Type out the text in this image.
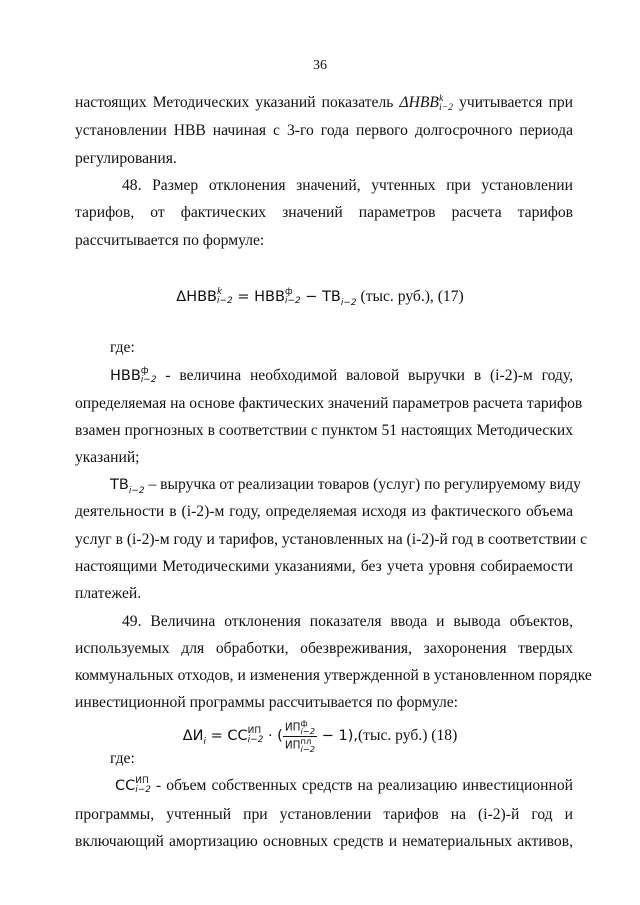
36
настоящих Методических указаний показатель ΔHBB k
i−2 учитывается при
установлении НВВ начиная с 3-го года первого долгосрочного периода
регулирования.
48. Размер отклонения значений, учтенных при установлении
тарифов, от фактических значений параметров расчета тарифов
рассчитывается по формуле:
ΔHBB k
i−2 = HBB ф
$i-2 - TB_{i-2}$ (тыс. руб.), (17)
где:
HBB ф
i−2 - величина необходимой валовой выручки в (i-2)-м году,
определяемая на основе фактических значений параметров расчета тарифов
взамен прогнозных в соответствии с пунктом 51 настоящих Методических
указаний;
$TB_{i-2}$ – выручка от реализации товаров (услуг) по регулируемому виду
деятельности в (i-2)-м году, определяемая исходя из фактического объема
услуг в (i-2)-м году и тарифов, установленных на (i-2)-й год в соответствии с
настоящими Методическими указаниями, без учета уровня собираемости
платежей.
49. Величина отклонения показателя ввода и вывода объектов,
используемых для обработки, обезвреживания, захоронения твердых
коммунальных отходов, и изменения утвержденной в установленном порядке
инвестиционной программы рассчитывается по формуле:
$\Delta И_i$ = CC ИП
i−2 · ( ИП ф
i−2
ИП пл
i−2 − 1),(тыс. руб.) (18)
где:
CC ИП
i−2 - объем собственных средств на реализацию инвестиционной
программы, учтенный при установлении тарифов на (i-2)-й год и
включающий амортизацию основных средств и нематериальных активов,
